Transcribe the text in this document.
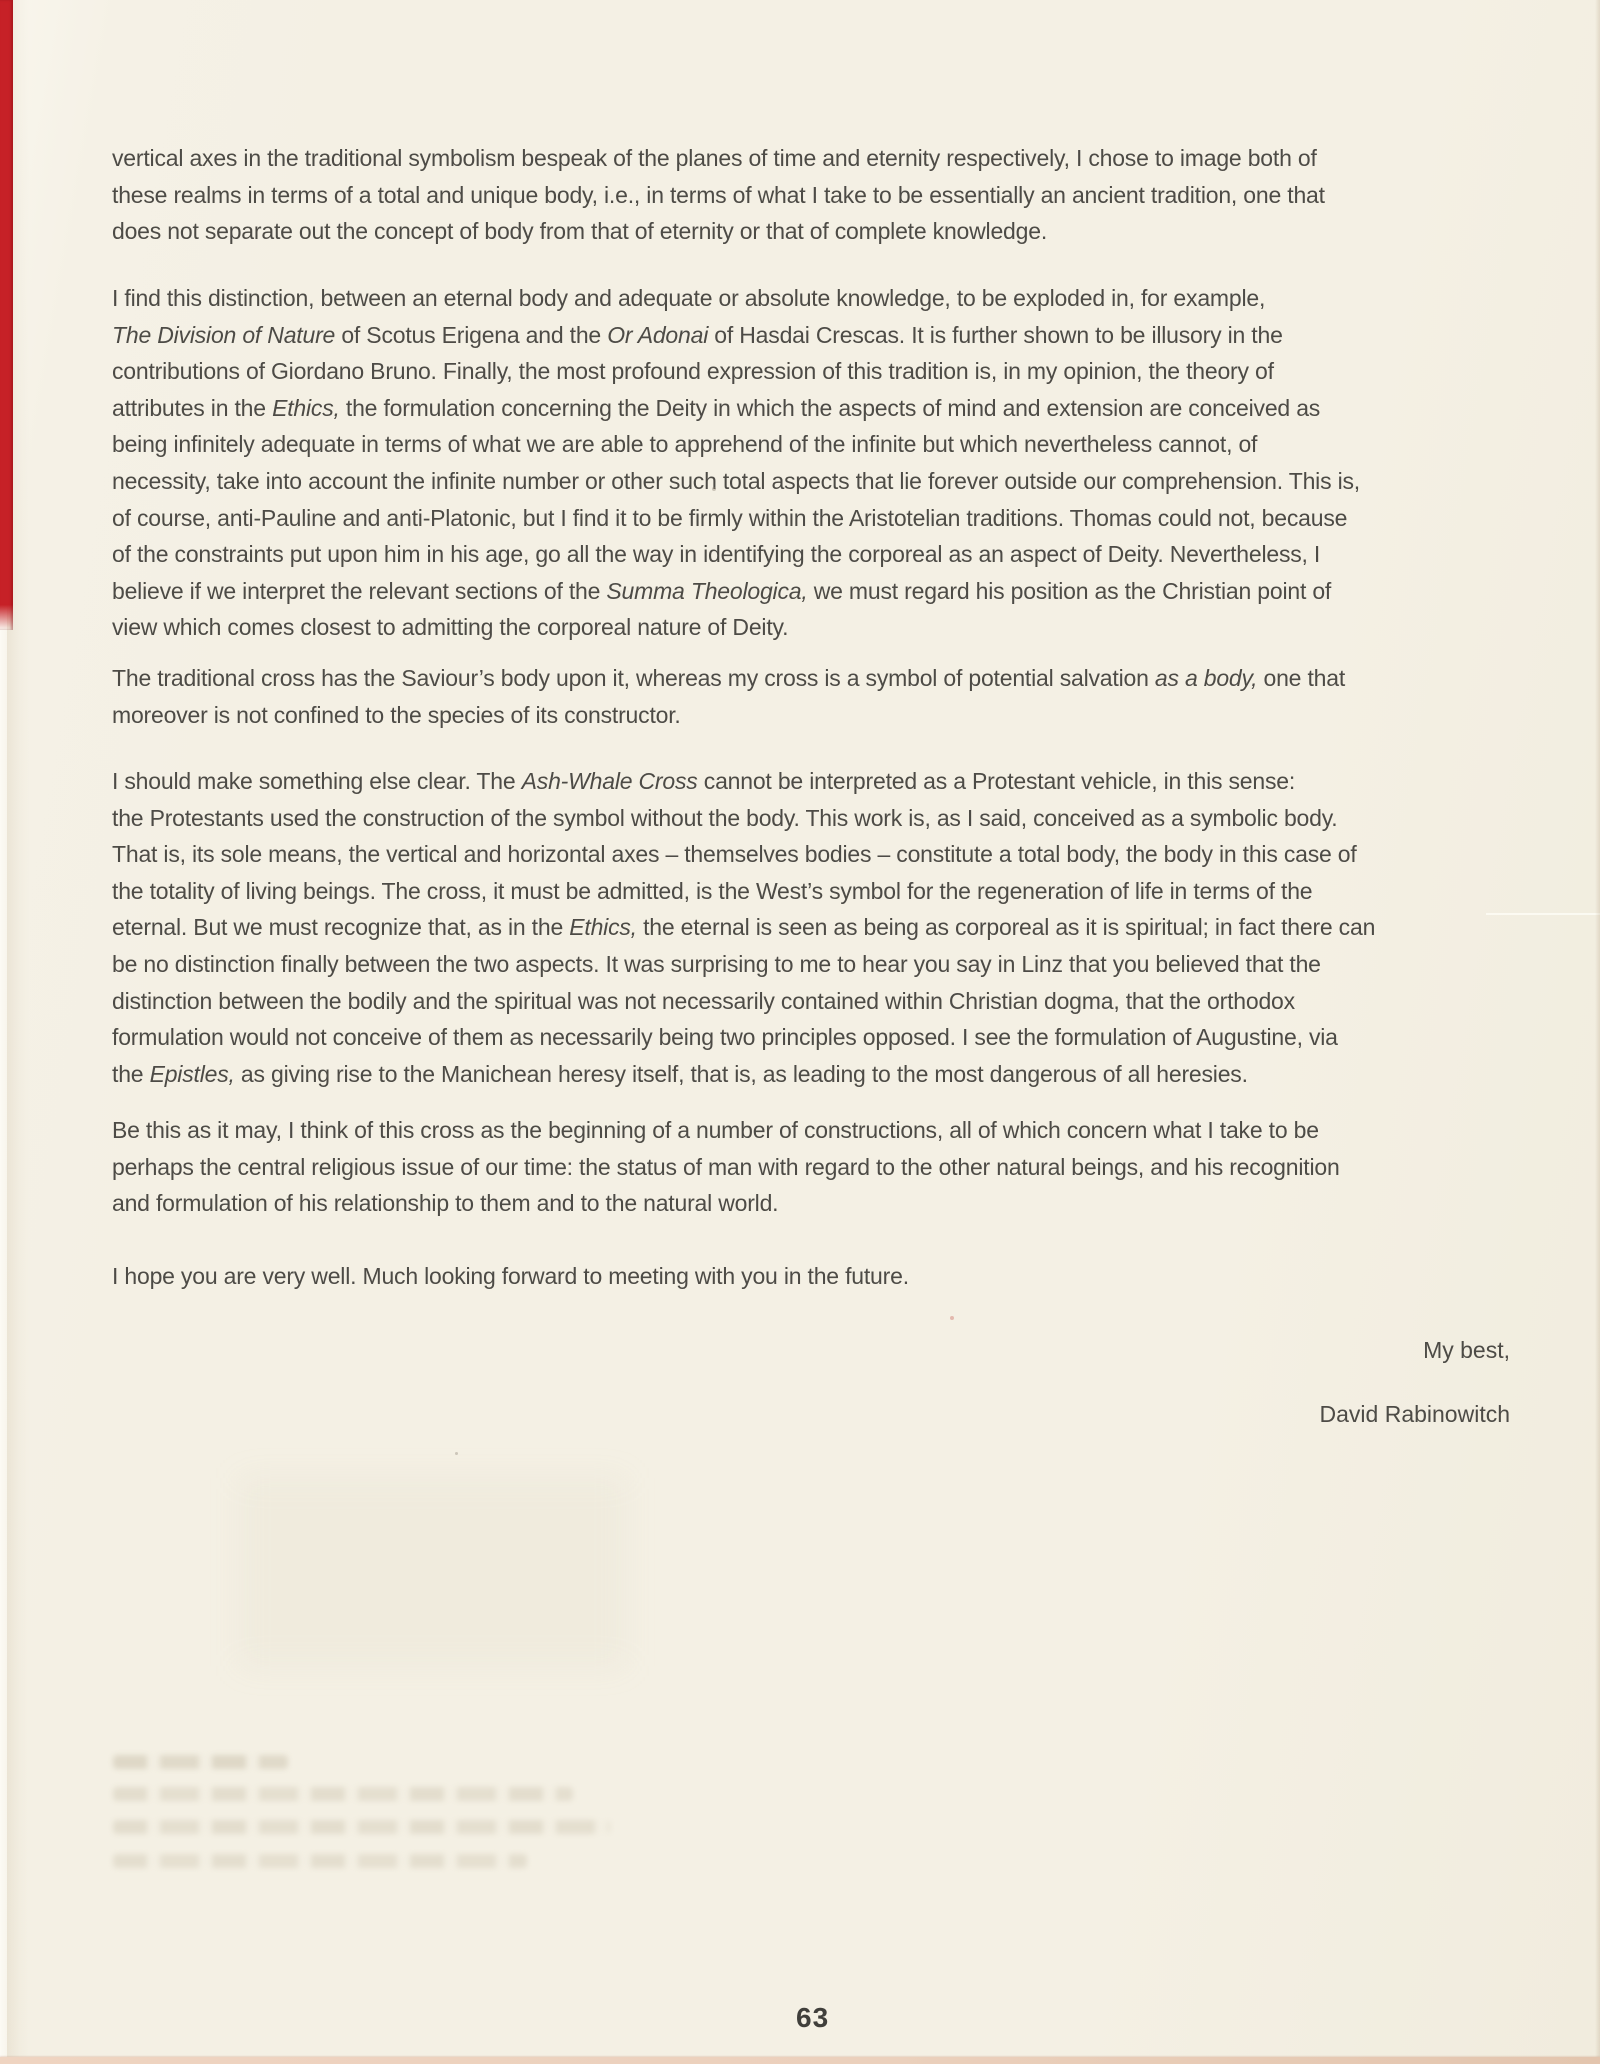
vertical axes in the traditional symbolism bespeak of the planes of time and eternity respectively, I chose to image both of
these realms in terms of a total and unique body, i.e., in terms of what I take to be essentially an ancient tradition, one that
does not separate out the concept of body from that of eternity or that of complete knowledge.
I find this distinction, between an eternal body and adequate or absolute knowledge, to be exploded in, for example,
The Division of Nature of Scotus Erigena and the Or Adonai of Hasdai Crescas. It is further shown to be illusory in the
contributions of Giordano Bruno. Finally, the most profound expression of this tradition is, in my opinion, the theory of
attributes in the Ethics, the formulation concerning the Deity in which the aspects of mind and extension are conceived as
being infinitely adequate in terms of what we are able to apprehend of the infinite but which nevertheless cannot, of
necessity, take into account the infinite number or other such total aspects that lie forever outside our comprehension. This is,
of course, anti-Pauline and anti-Platonic, but I find it to be firmly within the Aristotelian traditions. Thomas could not, because
of the constraints put upon him in his age, go all the way in identifying the corporeal as an aspect of Deity. Nevertheless, I
believe if we interpret the relevant sections of the Summa Theologica, we must regard his position as the Christian point of
view which comes closest to admitting the corporeal nature of Deity.
The traditional cross has the Saviour’s body upon it, whereas my cross is a symbol of potential salvation as a body, one that
moreover is not confined to the species of its constructor.
I should make something else clear. The Ash-Whale Cross cannot be interpreted as a Protestant vehicle, in this sense:
the Protestants used the construction of the symbol without the body. This work is, as I said, conceived as a symbolic body.
That is, its sole means, the vertical and horizontal axes – themselves bodies – constitute a total body, the body in this case of
the totality of living beings. The cross, it must be admitted, is the West’s symbol for the regeneration of life in terms of the
eternal. But we must recognize that, as in the Ethics, the eternal is seen as being as corporeal as it is spiritual; in fact there can
be no distinction finally between the two aspects. It was surprising to me to hear you say in Linz that you believed that the
distinction between the bodily and the spiritual was not necessarily contained within Christian dogma, that the orthodox
formulation would not conceive of them as necessarily being two principles opposed. I see the formulation of Augustine, via
the Epistles, as giving rise to the Manichean heresy itself, that is, as leading to the most dangerous of all heresies.
Be this as it may, I think of this cross as the beginning of a number of constructions, all of which concern what I take to be
perhaps the central religious issue of our time: the status of man with regard to the other natural beings, and his recognition
and formulation of his relationship to them and to the natural world.
I hope you are very well. Much looking forward to meeting with you in the future.
My best,
David Rabinowitch
63
